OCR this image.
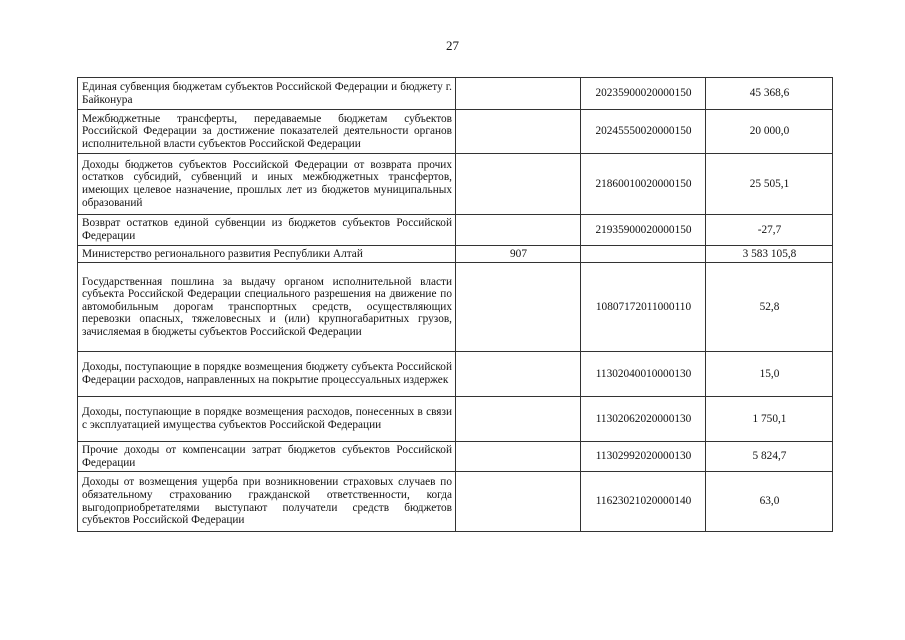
27
Единая субвенция бюджетам субъектов Российской Федерации и бюджету г. Байконура		20235900020000150	45 368,6
Межбюджетные трансферты, передаваемые бюджетам субъектов Российской Федерации за достижение показателей деятельности органов исполнительной власти субъектов Российской Федерации		20245550020000150	20 000,0
Доходы бюджетов субъектов Российской Федерации от возврата прочих остатков субсидий, субвенций и иных межбюджетных трансфертов, имеющих целевое назначение, прошлых лет из бюджетов муниципальных образований		21860010020000150	25 505,1
Возврат остатков единой субвенции из бюджетов субъектов Российской Федерации		21935900020000150	-27,7
Министерство регионального развития Республики Алтай	907		3 583 105,8
Государственная пошлина за выдачу органом исполнительной власти субъекта Российской Федерации специального разрешения на движение по автомобильным дорогам транспортных средств, осуществляющих перевозки опасных, тяжеловесных и (или) крупногабаритных грузов, зачисляемая в бюджеты субъектов Российской Федерации		10807172011000110	52,8
Доходы, поступающие в порядке возмещения бюджету субъекта Российской Федерации расходов, направленных на покрытие процессуальных издержек		11302040010000130	15,0
Доходы, поступающие в порядке возмещения расходов, понесенных в связи с эксплуатацией имущества субъектов Российской Федерации		11302062020000130	1 750,1
Прочие доходы от компенсации затрат бюджетов субъектов Российской Федерации		11302992020000130	5 824,7
Доходы от возмещения ущерба при возникновении страховых случаев по обязательному страхованию гражданской ответственности, когда выгодоприобретателями выступают получатели средств бюджетов субъектов Российской Федерации		11623021020000140	63,0
